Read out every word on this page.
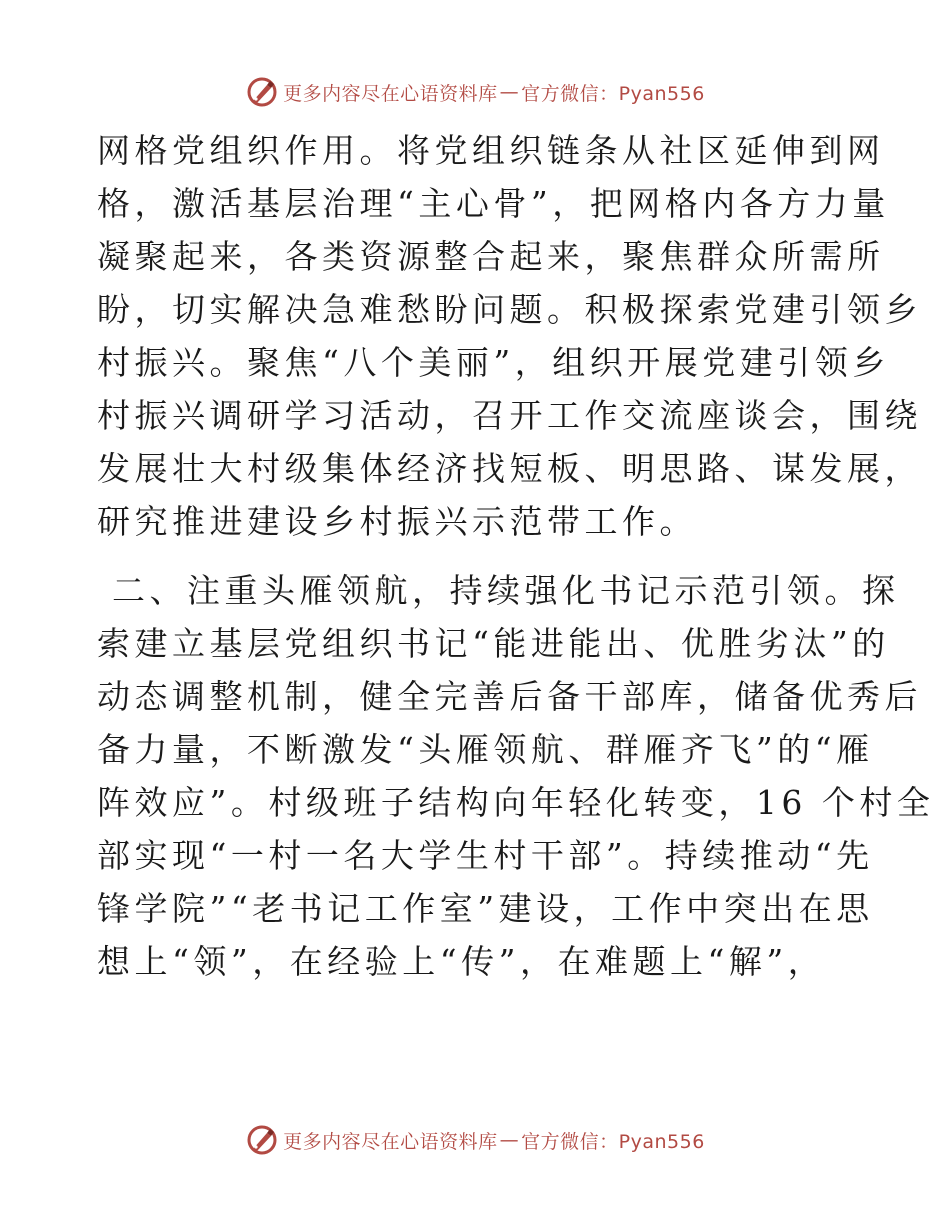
更多内容尽在心语资料库 — 官方微信：Pyan556
网格党组织作用。将党组织链条从社区延伸到网
格，激活基层治理“主心骨”，把网格内各方力量
凝聚起来，各类资源整合起来，聚焦群众所需所
盼，切实解决急难愁盼问题。积极探索党建引领乡
村振兴。聚焦“八个美丽”，组织开展党建引领乡
村振兴调研学习活动，召开工作交流座谈会，围绕
发展壮大村级集体经济找短板、明思路、谋发展，
研究推进建设乡村振兴示范带工作。
二、注重头雁领航，持续强化书记示范引领。探
索建立基层党组织书记“能进能出、优胜劣汰”的
动态调整机制，健全完善后备干部库，储备优秀后
备力量，不断激发“头雁领航、群雁齐飞”的“雁
阵效应”。村级班子结构向年轻化转变，16 个村全
部实现“一村一名大学生村干部”。持续推动“先
锋学院”“老书记工作室”建设，工作中突出在思
想上“领”，在经验上“传”，在难题上“解”，
更多内容尽在心语资料库 — 官方微信：Pyan556
